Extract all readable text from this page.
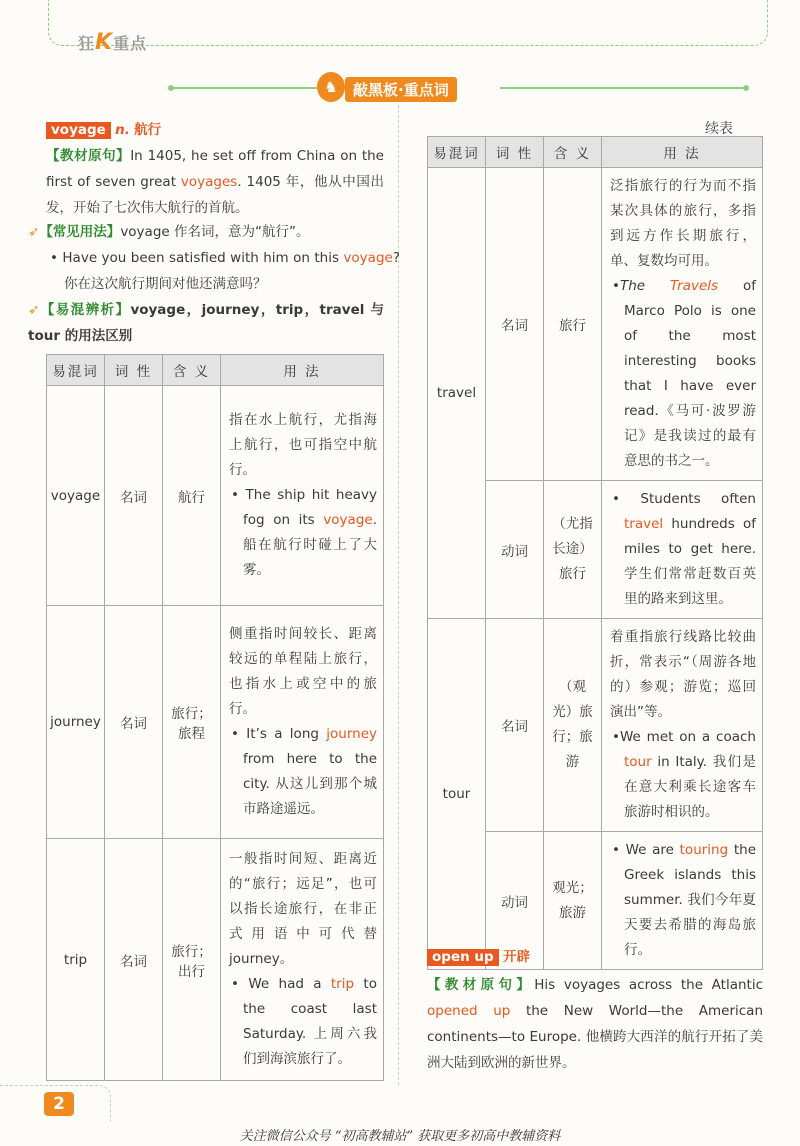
狂K重点
♞	敲黑板·重点词
voyage n. 航行
【教材原句】In 1405, he set off from China on the first of seven great voyages. 1405 年，他从中国出发，开始了七次伟大航行的首航。
➶【常见用法】voyage 作名词，意为“航行”。
• Have you been satisfied with him on this voyage? 你在这次航行期间对他还满意吗？
➶【易混辨析】voyage，journey，trip，travel 与 tour 的用法区别
易混词	词 性	含 义	用 法
voyage	名词	航行	指在水上航行，尤指海上航行，也可指空中航行。
• The ship hit heavy fog on its voyage. 船在航行时碰上了大雾。

journey	名词	旅行；旅程	侧重指时间较长、距离较远的单程陆上旅行，也指水上或空中的旅行。
• It’s a long journey from here to the city. 从这儿到那个城市路途遥远。

trip	名词	旅行；出行	一般指时间短、距离近的“旅行；远足”，也可以指长途旅行，在非正式用语中可代替 journey。
• We had a trip to the coast last Saturday. 上周六我们到海滨旅行了。
续表
易混词	词 性	含 义	用 法
travel	名词	旅行	泛指旅行的行为而不指某次具体的旅行，多指到远方作长期旅行，单、复数均可用。
•The Travels of Marco Polo is one of the most interesting books that I have ever read.《马可·波罗游记》是我读过的最有意思的书之一。

	动词	（尤指长途）旅行	• Students often travel hundreds of miles to get here. 学生们常常赶数百英里的路来到这里。

tour	名词	（观光）旅行；旅游	着重指旅行线路比较曲折，常表示“（周游各地的）参观；游览；巡回演出”等。
•We met on a coach tour in Italy. 我们是在意大利乘长途客车旅游时相识的。

	动词	观光；旅游	• We are touring the Greek islands this summer. 我们今年夏天要去希腊的海岛旅行。
open up 开辟
【教材原句】His voyages across the Atlantic opened up the New World—the American continents—to Europe. 他横跨大西洋的航行开拓了美洲大陆到欧洲的新世界。
2
关注微信公众号 “初高教辅站” 获取更多初高中教辅资料
